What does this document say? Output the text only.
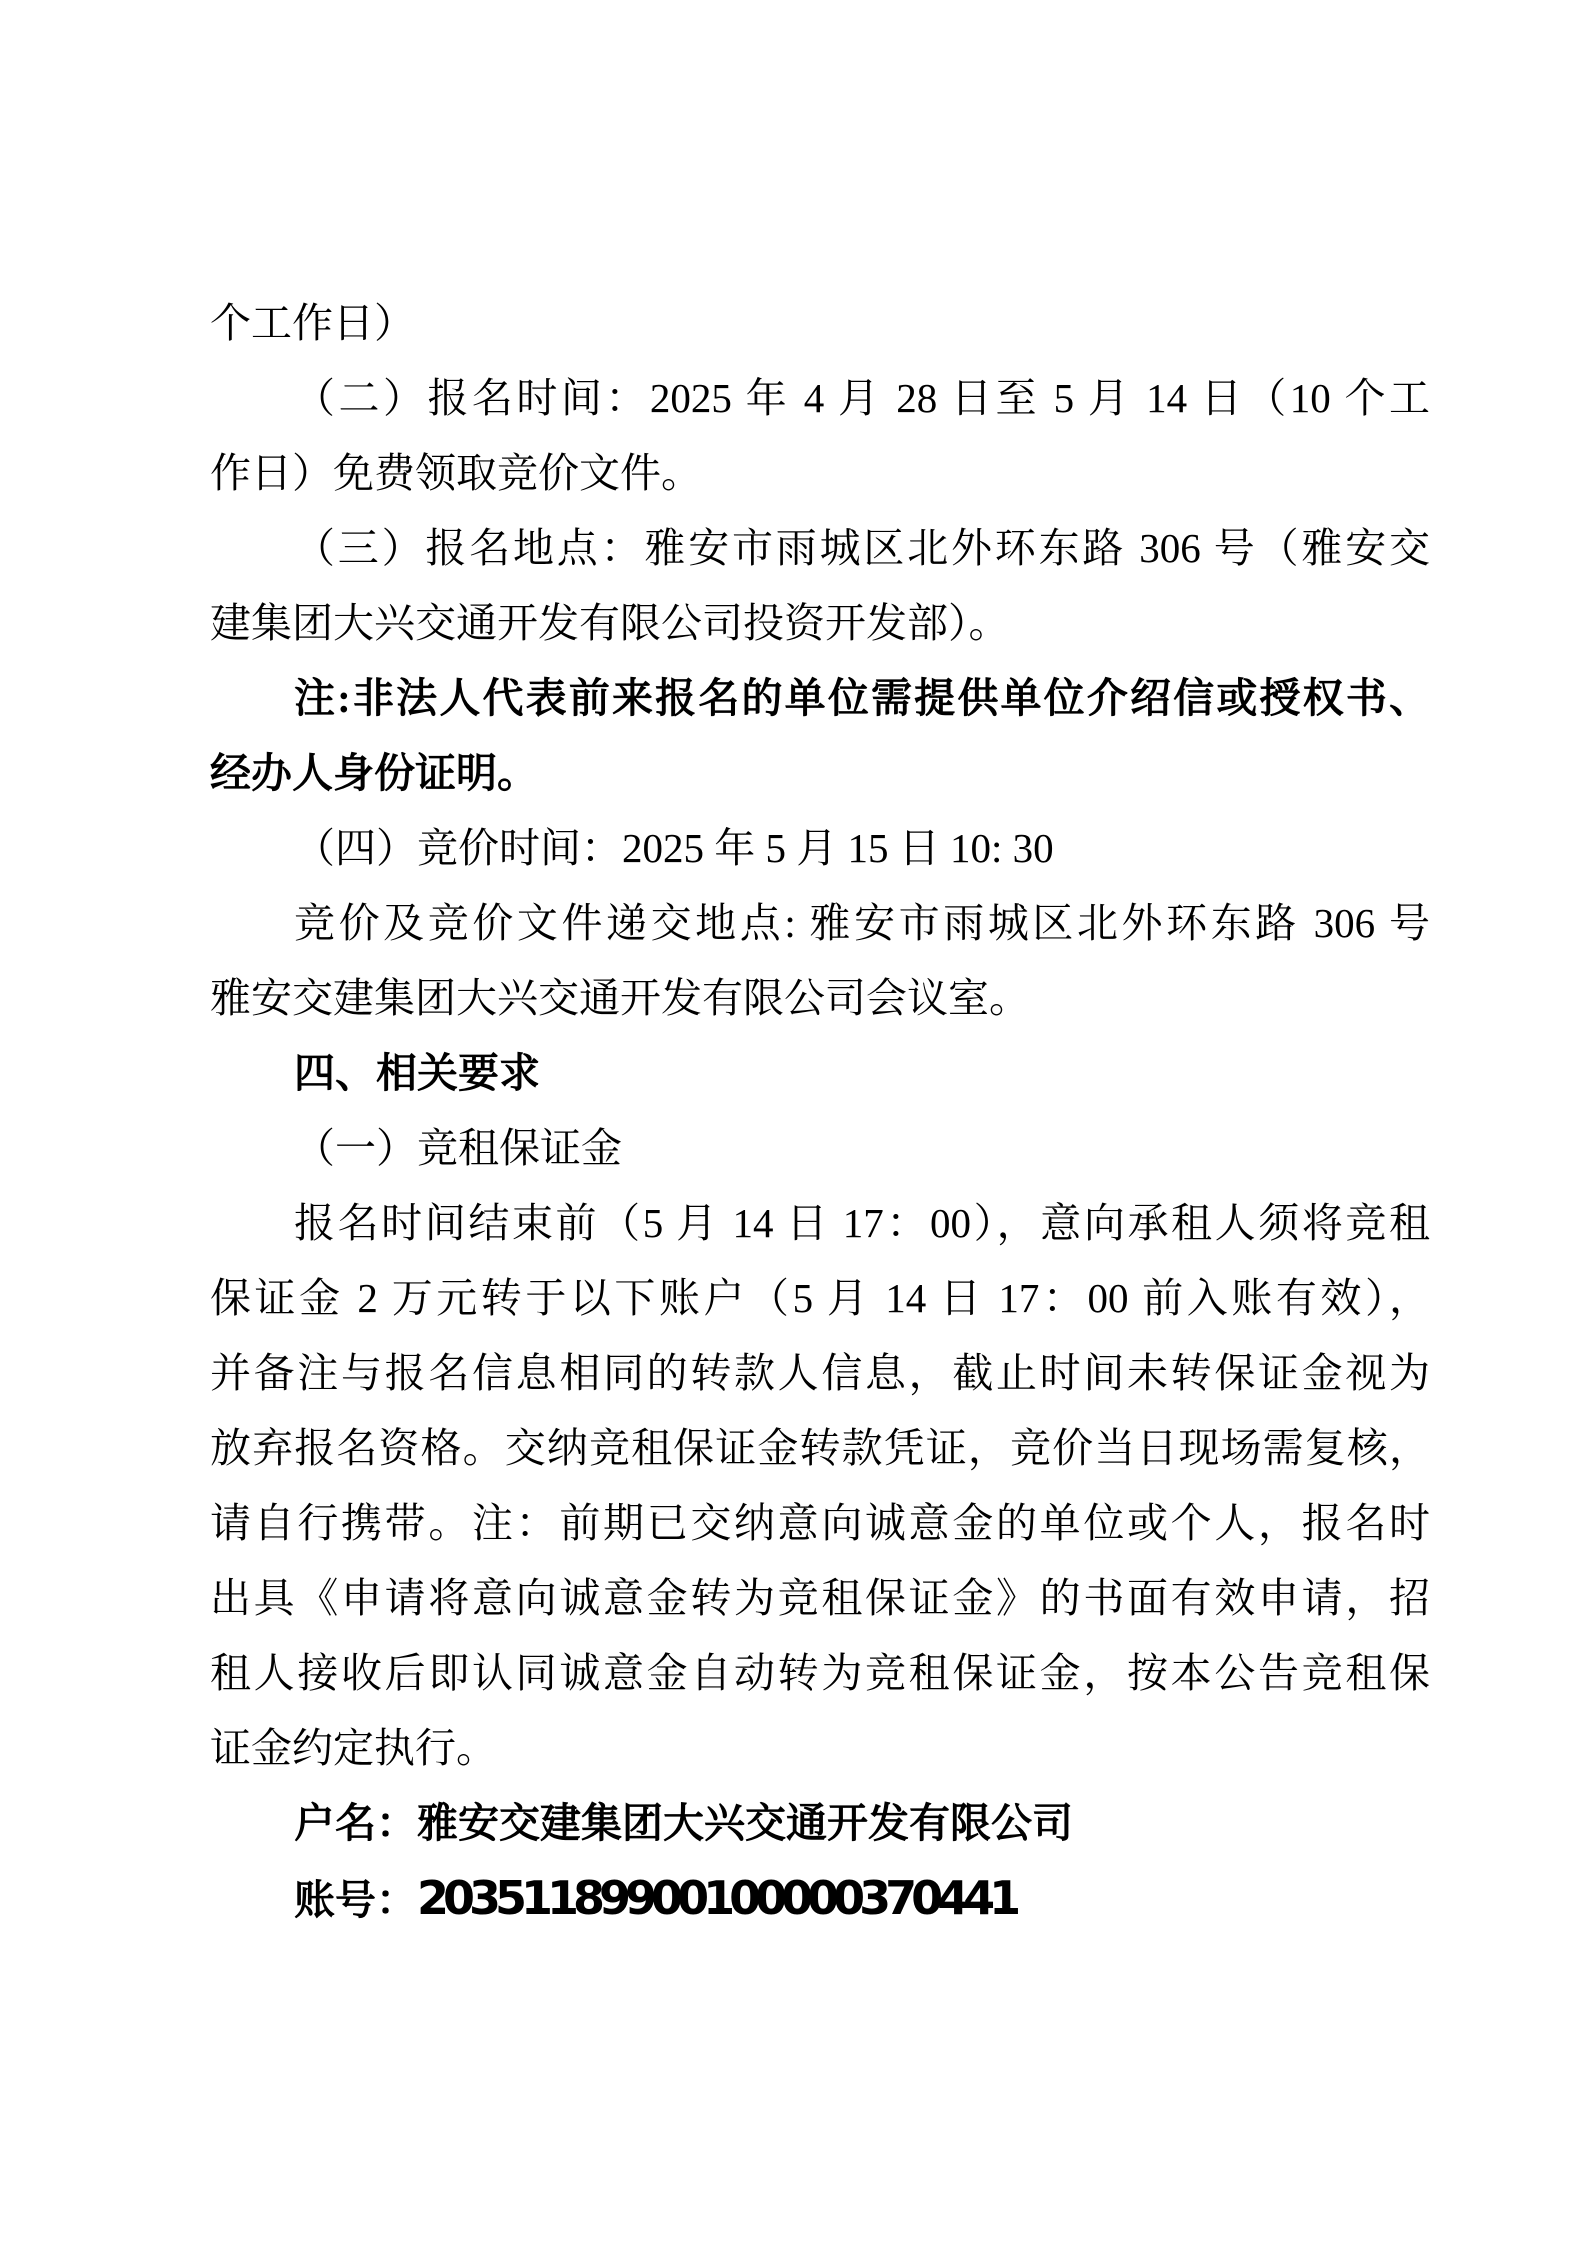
个工作日）
（二）报名时间：2025 年 4 月 28 日至 5 月 14 日（10 个工
作日）免费领取竞价文件。
（三）报名地点：雅安市雨城区北外环东路 306 号（雅安交
建集团大兴交通开发有限公司投资开发部）。
注:非法人代表前来报名的单位需提供单位介绍信或授权书、
经办人身份证明。
（四）竞价时间：2025 年 5 月 15 日 10: 30
竞价及竞价文件递交地点: 雅安市雨城区北外环东路 306 号
雅安交建集团大兴交通开发有限公司会议室。
四、相关要求
（一）竞租保证金
报名时间结束前（5 月 14 日 17：00），意向承租人须将竞租
保证金 2 万元转于以下账户（5 月 14 日 17：00 前入账有效），
并备注与报名信息相同的转款人信息，截止时间未转保证金视为
放弃报名资格。交纳竞租保证金转款凭证，竞价当日现场需复核，
请自行携带。注：前期已交纳意向诚意金的单位或个人，报名时
出具《申请将意向诚意金转为竞租保证金》的书面有效申请，招
租人接收后即认同诚意金自动转为竞租保证金，按本公告竞租保
证金约定执行。
户名：雅安交建集团大兴交通开发有限公司
账号：20351189900100000370441
